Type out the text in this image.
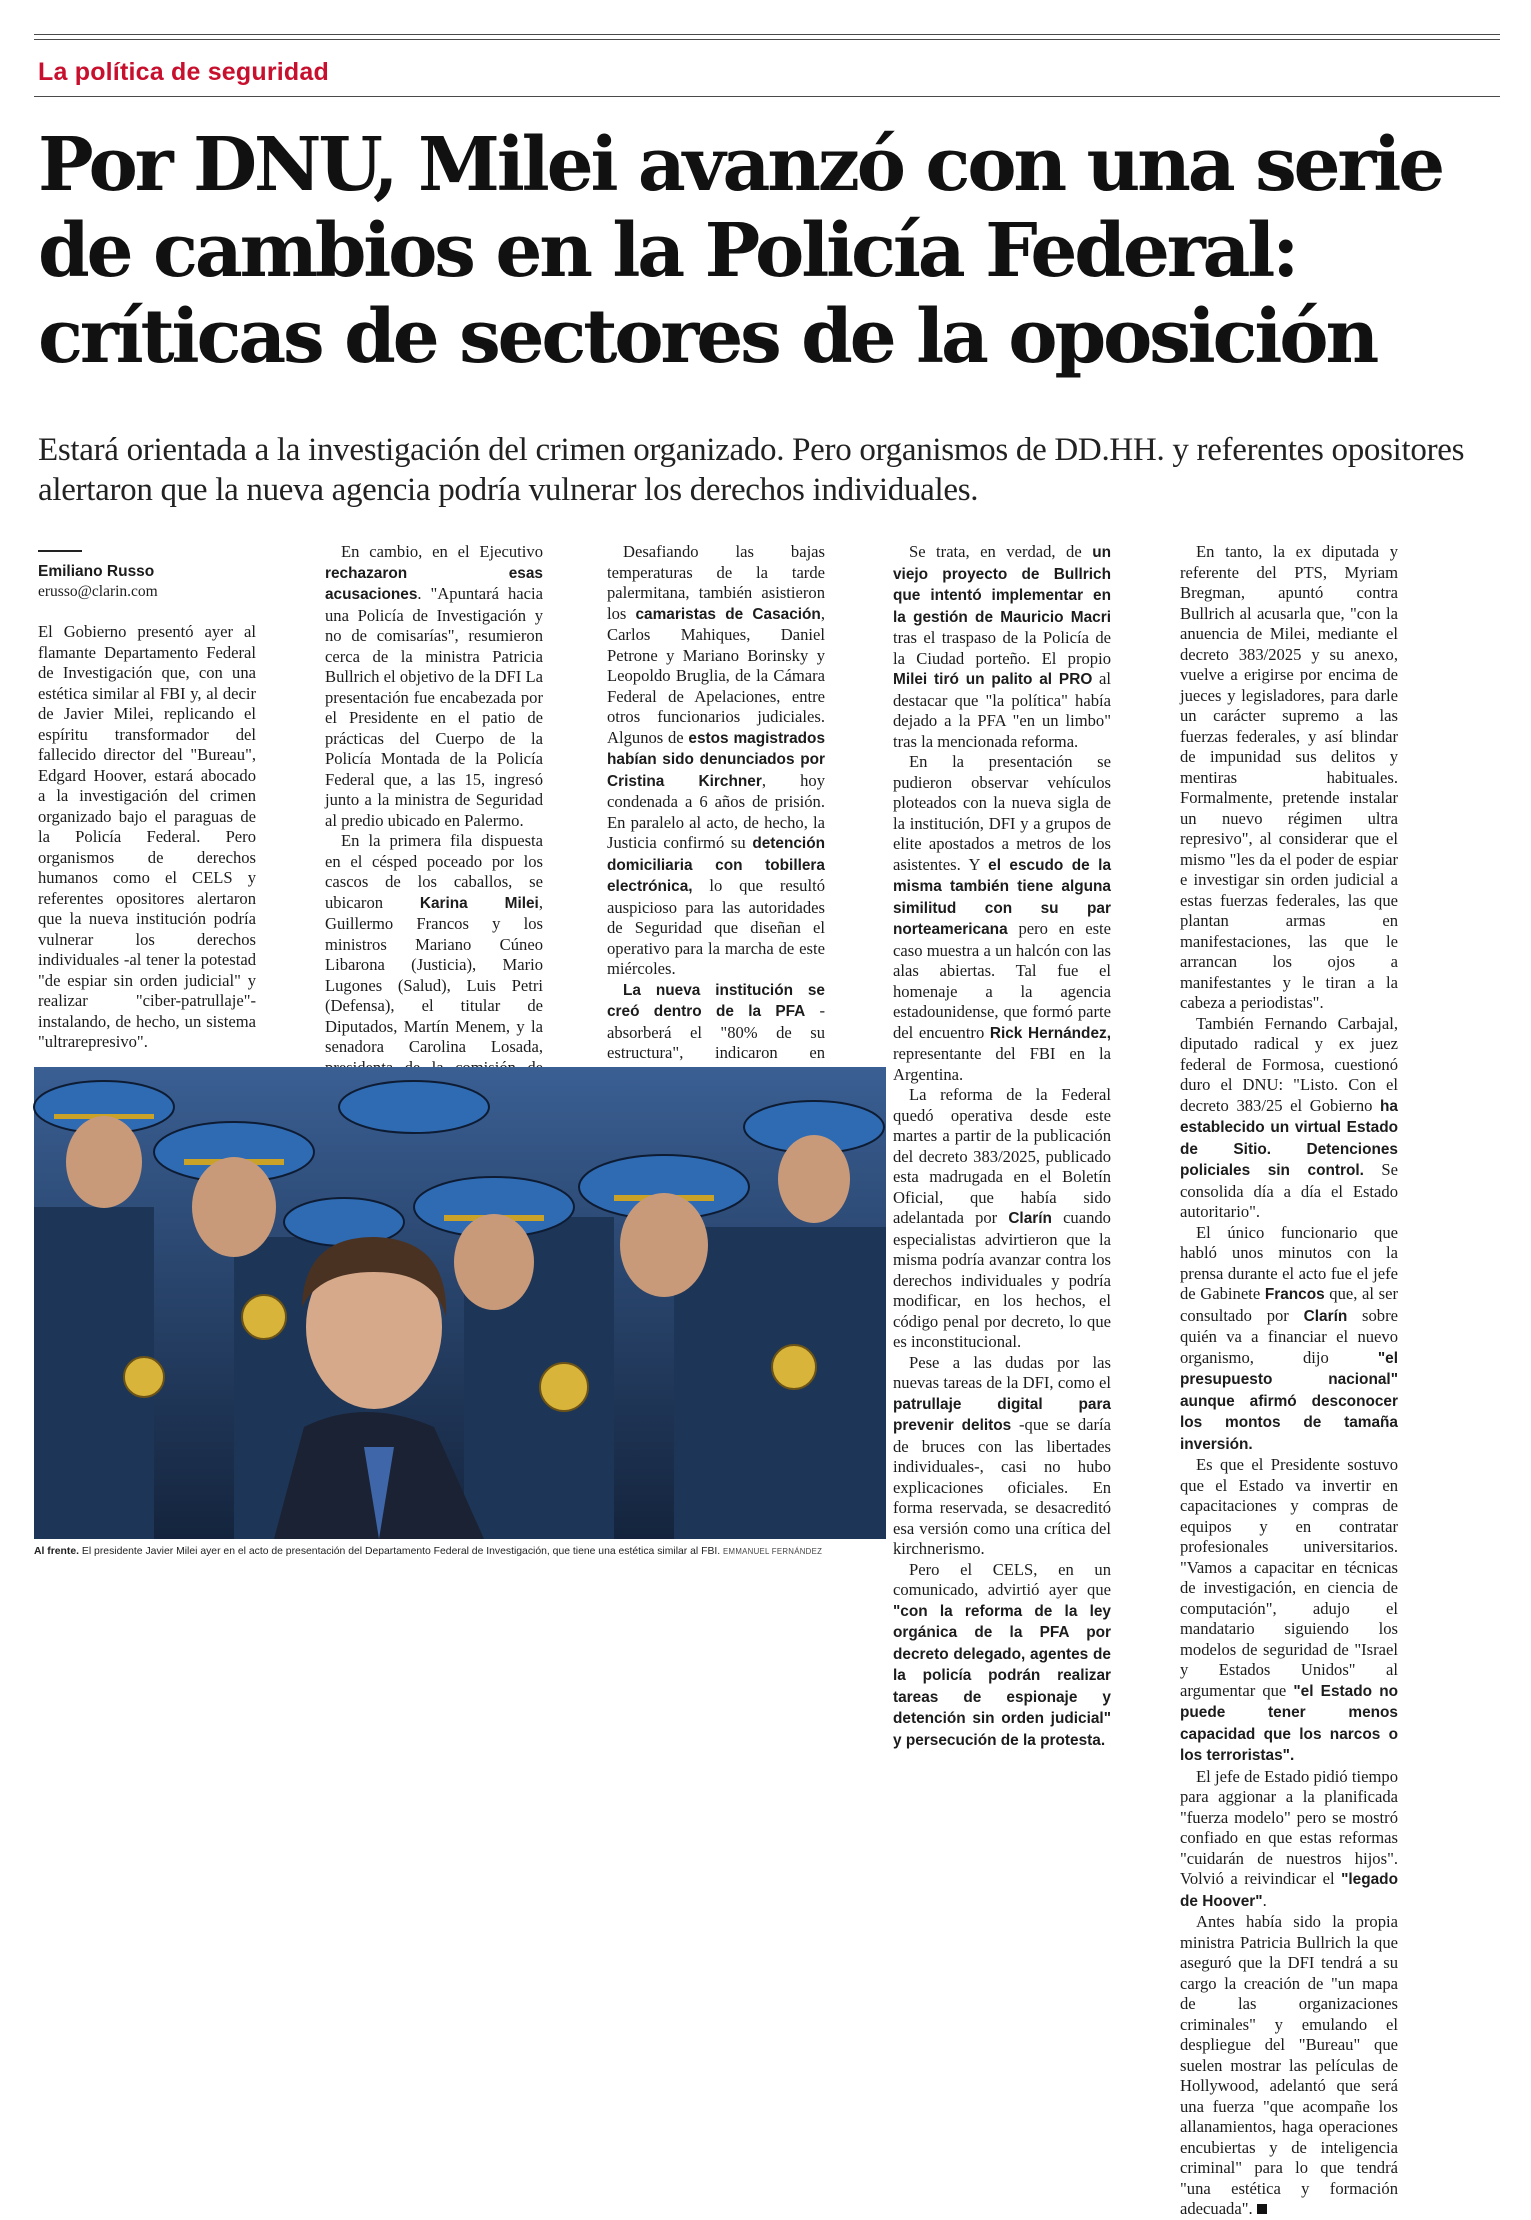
La política de seguridad
Por DNU, Milei avanzó con una serie de cambios en la Policía Federal: críticas de sectores de la oposición
Estará orientada a la investigación del crimen organizado. Pero organismos de DD.HH. y referentes opositores alertaron que la nueva agencia podría vulnerar los derechos individuales.
Emiliano Russo
erusso@clarin.com

El Gobierno presentó ayer al flamante Departamento Federal de Investigación que, con una estética similar al FBI y, al decir de Javier Milei, replicando el espíritu transformador del fallecido director del "Bureau", Edgard Hoover, estará abocado a la investigación del crimen organizado bajo el paraguas de la Policía Federal. Pero organismos de derechos humanos como el CELS y referentes opositores alertaron que la nueva institución podría vulnerar los derechos individuales -al tener la potestad "de espiar sin orden judicial" y realizar "ciber-patrullaje"- instalando, de hecho, un sistema "ultrarepresivo".

En cambio, en el Ejecutivo rechazaron esas acusaciones. "Apuntará hacia una Policía de Investigación y no de comisarías", resumieron cerca de la ministra Patricia Bullrich el objetivo de la DFI La presentación fue encabezada por el Presidente en el patio de prácticas del Cuerpo de la Policía Montada de la Policía Federal que, a las 15, ingresó junto a la ministra de Seguridad al predio ubicado en Palermo.

En la primera fila dispuesta en el césped poceado por los cascos de los caballos, se ubicaron Karina Milei, Guillermo Francos y los ministros Mariano Cúneo Libarona (Justicia), Mario Lugones (Salud), Luis Petri (Defensa), el titular de Diputados, Martín Menem, y la senadora Carolina Losada,

Desafiando las bajas temperaturas de la tarde palermitana, también asistieron los camaristas de Casación, Carlos Mahiques, Daniel Petrone y Mariano Borinsky y Leopoldo Bruglia, de la Cámara Federal de Apelaciones, entre otros funcionarios judiciales. Algunos de estos magistrados habían sido denunciados por Cristina Kirchner, hoy condenada a 6 años de prisión. En paralelo al acto, de hecho, la Justicia confirmó su detención domiciliaria con tobillera electrónica, lo que resultó auspicioso para las autoridades de Seguridad que diseñan el operativo para la marcha de este miércoles.

La nueva institución se creó dentro de la PFA -absorberá el "80% de su estructura", indicaron en

Se trata, en verdad, de un viejo proyecto de Bullrich que intentó implementar en la gestión de Mauricio Macri tras el traspaso de la Policía de la Ciudad porteño. El propio Milei tiró un palito al PRO al destacar que "la política" había dejado a la PFA "en un limbo" tras la mencionada reforma.

En la presentación se pudieron observar vehículos ploteados con la nueva sigla de la institución, DFI y a grupos de elite apostados a metros de los asistentes. Y el escudo de la misma también tiene alguna similitud con su par norteamericana pero en este caso muestra a un halcón con las alas abiertas. Tal fue el homenaje a la agencia estadounidense, que formó parte del encuentro Rick Hernández, representante del FBI en la Argentina.

La reforma de la Federal quedó operativa desde este martes a partir de la publicación del decreto 383/2025, publicado esta madrugada en el Boletín Oficial, que había sido adelantada por Clarín cuando especialistas advirtieron que la misma podría avanzar contra los derechos individuales y podría modificar, en los hechos, el código penal por decreto, lo que es inconstitucional.

Pese a las dudas por las nuevas tareas de la DFI, como el patrullaje digital para prevenir delitos -que se daría de bruces con las libertades individuales-, casi no hubo explicaciones oficiales. En forma reservada, se desacreditó esa versión como una crítica del kirchnerismo.

Pero el CELS, en un comunicado, advirtió ayer que "con la reforma de la ley orgánica de la PFA por decreto delegado, agentes de la policía podrán realizar tareas de espionaje y detención sin orden judicial" y persecución de la protesta.

En tanto, la ex diputada y referente del PTS, Myriam Bregman, apuntó contra Bullrich al acusarla que, "con la anuencia de Milei, mediante el decreto 383/2025 y su anexo, vuelve a erigirse por encima de jueces y legisladores, para darle un carácter supremo a las fuerzas federales, y así blindar de impunidad sus delitos y mentiras habituales. Formalmente, pretende instalar un nuevo régimen ultra represivo", al considerar que el mismo "les da el poder de espiar e investigar sin orden judicial a estas fuerzas federales, las que plantan armas en manifestaciones, las que le arrancan los ojos a manifestantes y le tiran a la cabeza a periodistas".

También Fernando Carbajal, diputado radical y ex juez federal de Formosa, cuestionó duro el DNU: "Listo. Con el decreto 383/25 el Gobierno ha establecido un virtual Estado de Sitio. Detenciones policiales sin control. Se consolida día a día el Estado autoritario".

El único funcionario que habló unos minutos con la prensa durante el acto fue el jefe de Gabinete Francos que, al ser consultado por Clarín sobre quién va a financiar el nuevo organismo, dijo "el presupuesto nacional" aunque afirmó desconocer los montos de tamaña inversión.

Es que el Presidente sostuvo que el Estado va invertir en capacitaciones y compras de equipos y en contratar profesionales universitarios. "Vamos a capacitar en técnicas de investigación, en ciencia de computación", adujo el mandatario siguiendo los modelos de seguridad de "Israel y Estados Unidos" al argumentar que "el Estado no puede tener menos capacidad que los narcos o los terroristas".

El jefe de Estado pidió tiempo para aggionar a la planificada "fuerza modelo" pero se mostró confiado en que estas reformas "cuidarán de nuestros hijos". Volvió a reivindicar el "legado de Hoover".

Antes había sido la propia ministra Patricia Bullrich la que aseguró que la DFI tendrá a su cargo la creación de "un mapa de las organizaciones criminales" y emulando el despliegue del "Bureau" que suelen mostrar las películas de Hollywood, adelantó que será una fuerza "que acompañe los allanamientos, haga operaciones encubiertas y de inteligencia criminal" para lo que tendrá "una estética y formación adecuada".

Al frente. El presidente Javier Milei ayer en el acto de presentación del Departamento Federal de Investigación, que tiene una estética similar al FBI. EMMANUEL FERNÁNDEZ
